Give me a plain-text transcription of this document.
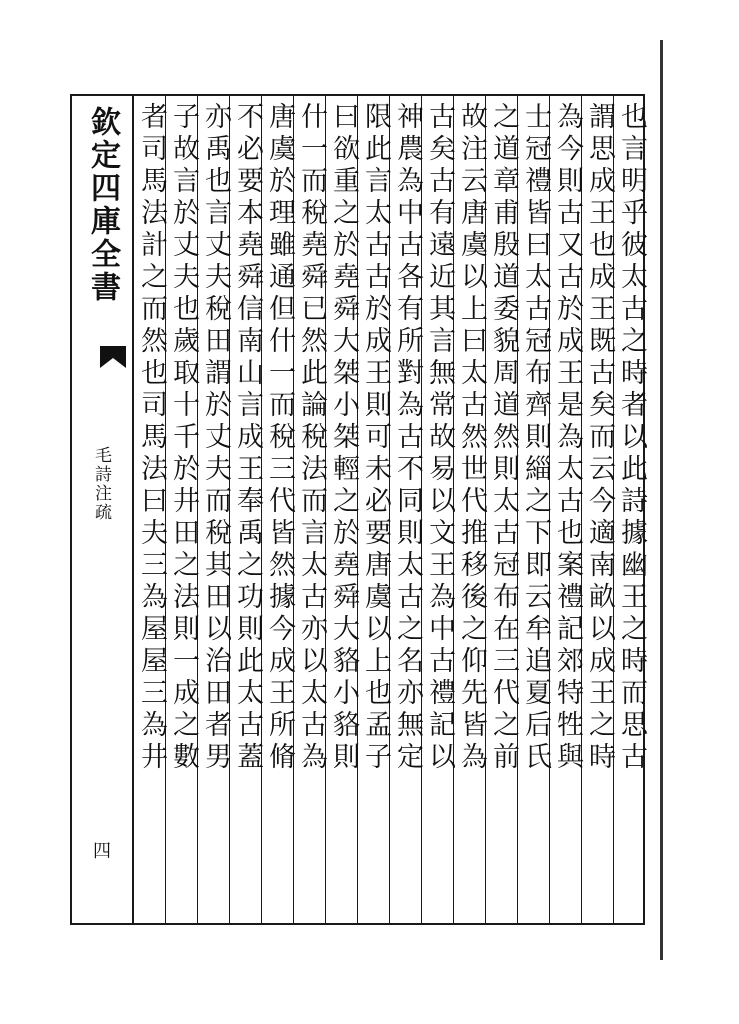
欽定四庫全書
毛詩注疏
四
也言明乎彼太古之時者以此詩據幽王之時而思古
謂思成王也成王既古矣而云今適南畝以成王之時
為今則古又古於成王是為太古也案禮記郊特牲與
士冠禮皆曰太古冠布齊則緇之下即云牟追夏后氏
之道章甫殷道委貌周道然則太古冠布在三代之前
故注云唐虞以上曰太古然世代推移後之仰先皆為
古矣古有遠近其言無常故易以文王為中古禮記以
神農為中古各有所對為古不同則太古之名亦無定
限此言太古古於成王則可未必要唐虞以上也孟子
曰欲重之於堯舜大桀小桀輕之於堯舜大貉小貉則
什一而稅堯舜已然此論稅法而言太古亦以太古為
唐虞於理雖通但什一而稅三代皆然據今成王所脩
不必要本堯舜信南山言成王奉禹之功則此太古蓋
亦禹也言丈夫稅田謂於丈夫而稅其田以治田者男
子故言於丈夫也歲取十千於井田之法則一成之數
者司馬法計之而然也司馬法曰夫三為屋屋三為井
